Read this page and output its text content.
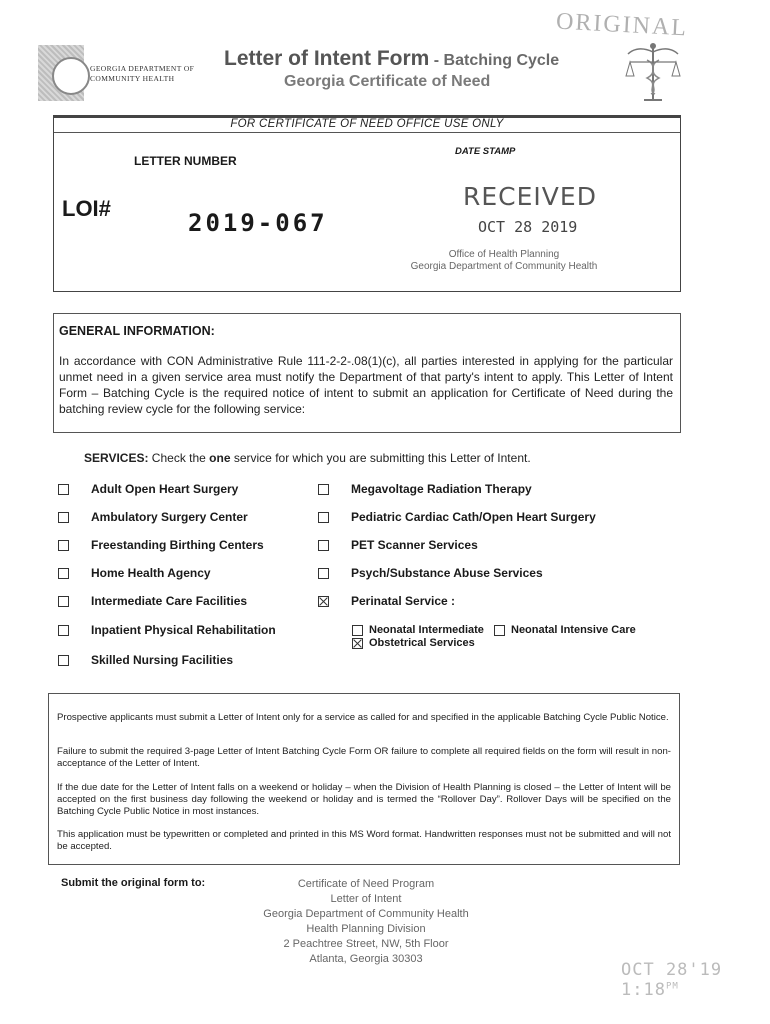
GEORGIA DEPARTMENT OF
COMMUNITY HEALTH
Letter of Intent Form - Batching Cycle
Georgia Certificate of Need
ORIGINAL
FOR CERTIFICATE OF NEED OFFICE USE ONLY
LETTER NUMBER
DATE STAMP
LOI#
2019-067
RECEIVED
OCT 28 2019
Office of Health Planning
Georgia Department of Community Health
GENERAL INFORMATION:
In accordance with CON Administrative Rule 111-2-2-.08(1)(c), all parties interested in applying for the particular unmet need in a given service area must notify the Department of that party's intent to apply. This Letter of Intent Form – Batching Cycle is the required notice of intent to submit an application for Certificate of Need during the batching review cycle for the following service:
SERVICES: Check the one service for which you are submitting this Letter of Intent.
Adult Open Heart Surgery
Ambulatory Surgery Center
Freestanding Birthing Centers
Home Health Agency
Intermediate Care Facilities
Inpatient Physical Rehabilitation
Skilled Nursing Facilities
Megavoltage Radiation Therapy
Pediatric Cardiac Cath/Open Heart Surgery
PET Scanner Services
Psych/Substance Abuse Services
Perinatal Service :
Neonatal Intermediate Neonatal Intensive Care
Obstetrical Services
Prospective applicants must submit a Letter of Intent only for a service as called for and specified in the applicable Batching Cycle Public Notice.
Failure to submit the required 3-page Letter of Intent Batching Cycle Form OR failure to complete all required fields on the form will result in non-acceptance of the Letter of Intent.
If the due date for the Letter of Intent falls on a weekend or holiday – when the Division of Health Planning is closed – the Letter of Intent will be accepted on the first business day following the weekend or holiday and is termed the “Rollover Day”. Rollover Days will be specified on the Batching Cycle Public Notice in most instances.
This application must be typewritten or completed and printed in this MS Word format. Handwritten responses must not be submitted and will not be accepted.
Submit the original form to:	Certificate of Need Program
Letter of Intent
Georgia Department of Community Health
Health Planning Division
2 Peachtree Street, NW, 5th Floor
Atlanta, Georgia 30303
OCT 28'19 $1:18^{PM}$
